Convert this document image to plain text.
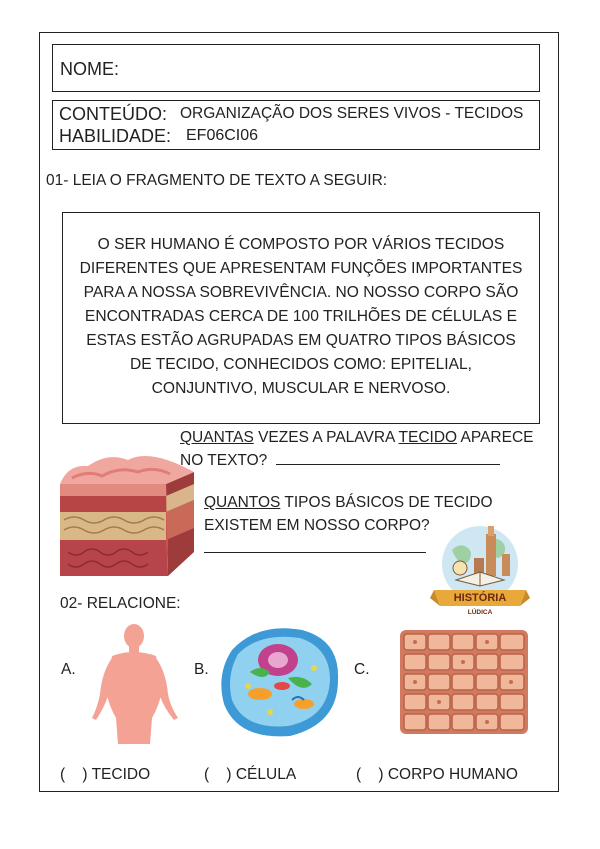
NOME:
CONTEÚDO: ORGANIZAÇÃO DOS SERES VIVOS - TECIDOS
HABILIDADE: EF06CI06
01- LEIA O FRAGMENTO DE TEXTO A SEGUIR:
O SER HUMANO É COMPOSTO POR VÁRIOS TECIDOS
DIFERENTES QUE APRESENTAM FUNÇÕES IMPORTANTES
PARA A NOSSA SOBREVIVÊNCIA. NO NOSSO CORPO SÃO
ENCONTRADAS CERCA DE 100 TRILHÕES DE CÉLULAS E
ESTAS ESTÃO AGRUPADAS EM QUATRO TIPOS BÁSICOS
DE TECIDO, CONHECIDOS COMO: EPITELIAL,
CONJUNTIVO, MUSCULAR E NERVOSO.
QUANTAS VEZES A PALAVRA TECIDO APARECE
NO TEXTO?
QUANTOS TIPOS BÁSICOS DE TECIDO
EXISTEM EM NOSSO CORPO?
HISTÓRIA
LÚDICA
02- RELACIONE:
A.	B.	C.
(    ) TECIDO	(    ) CÉLULA	(    ) CORPO HUMANO
